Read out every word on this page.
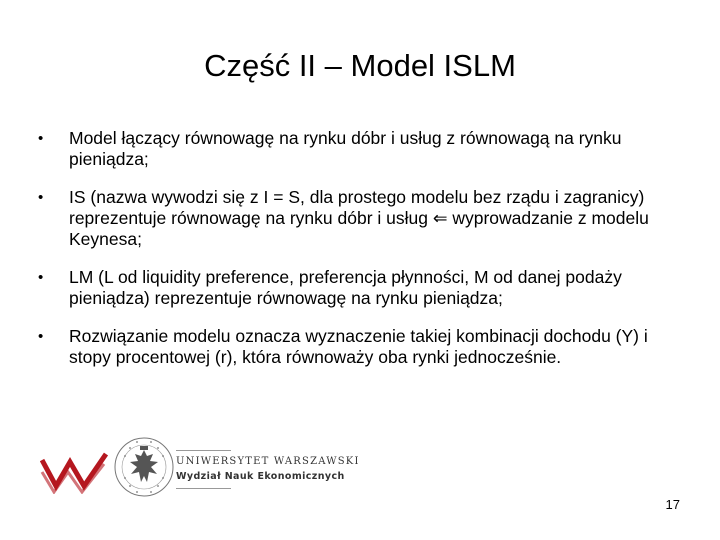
Część II – Model ISLM
• Model łączący równowagę na rynku dóbr i usług z równowagą na rynku pieniądza;
• IS (nazwa wywodzi się z I = S, dla prostego modelu bez rządu i zagranicy) reprezentuje równowagę na rynku dóbr i usług ⇐ wyprowadzanie z modelu Keynesa;
• LM (L od liquidity preference, preferencja płynności, M od danej podaży pieniądza) reprezentuje równowagę na rynku pieniądza;
• Rozwiązanie modelu oznacza wyznaczenie takiej kombinacji dochodu (Y) i stopy procentowej (r), która równoważy oba rynki jednocześnie.
UNIWERSYTET WARSZAWSKI
Wydział Nauk Ekonomicznych
17
